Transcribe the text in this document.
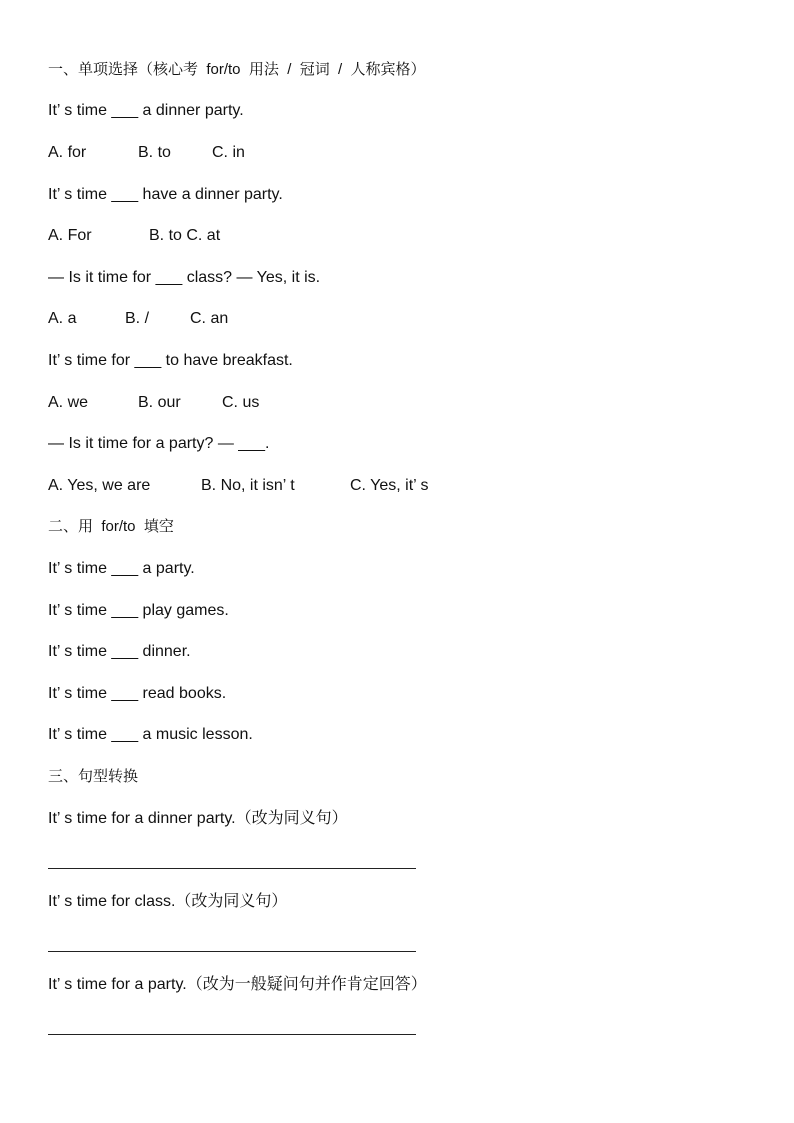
一、单项选择（核心考  for/to  用法  /  冠词  /  人称宾格）
It’ s time ___ a dinner party.
A. for	B. to	C. in
It’ s time ___ have a dinner party.
A. For	B. to C. at
— Is it time for ___ class? — Yes, it is.
A. a	B. /	C. an
It’ s time for ___ to have breakfast.
A. we	B. our	C. us
— Is it time for a party? — ___.
A. Yes, we are	B. No, it isn’ t	C. Yes, it’ s
二、用  for/to  填空
It’ s time ___ a party.
It’ s time ___ play games.
It’ s time ___ dinner.
It’ s time ___ read books.
It’ s time ___ a music lesson.
三、句型转换
It’ s time for a dinner party.（改为同义句）
It’ s time for class.（改为同义句）
It’ s time for a party.（改为一般疑问句并作肯定回答）
